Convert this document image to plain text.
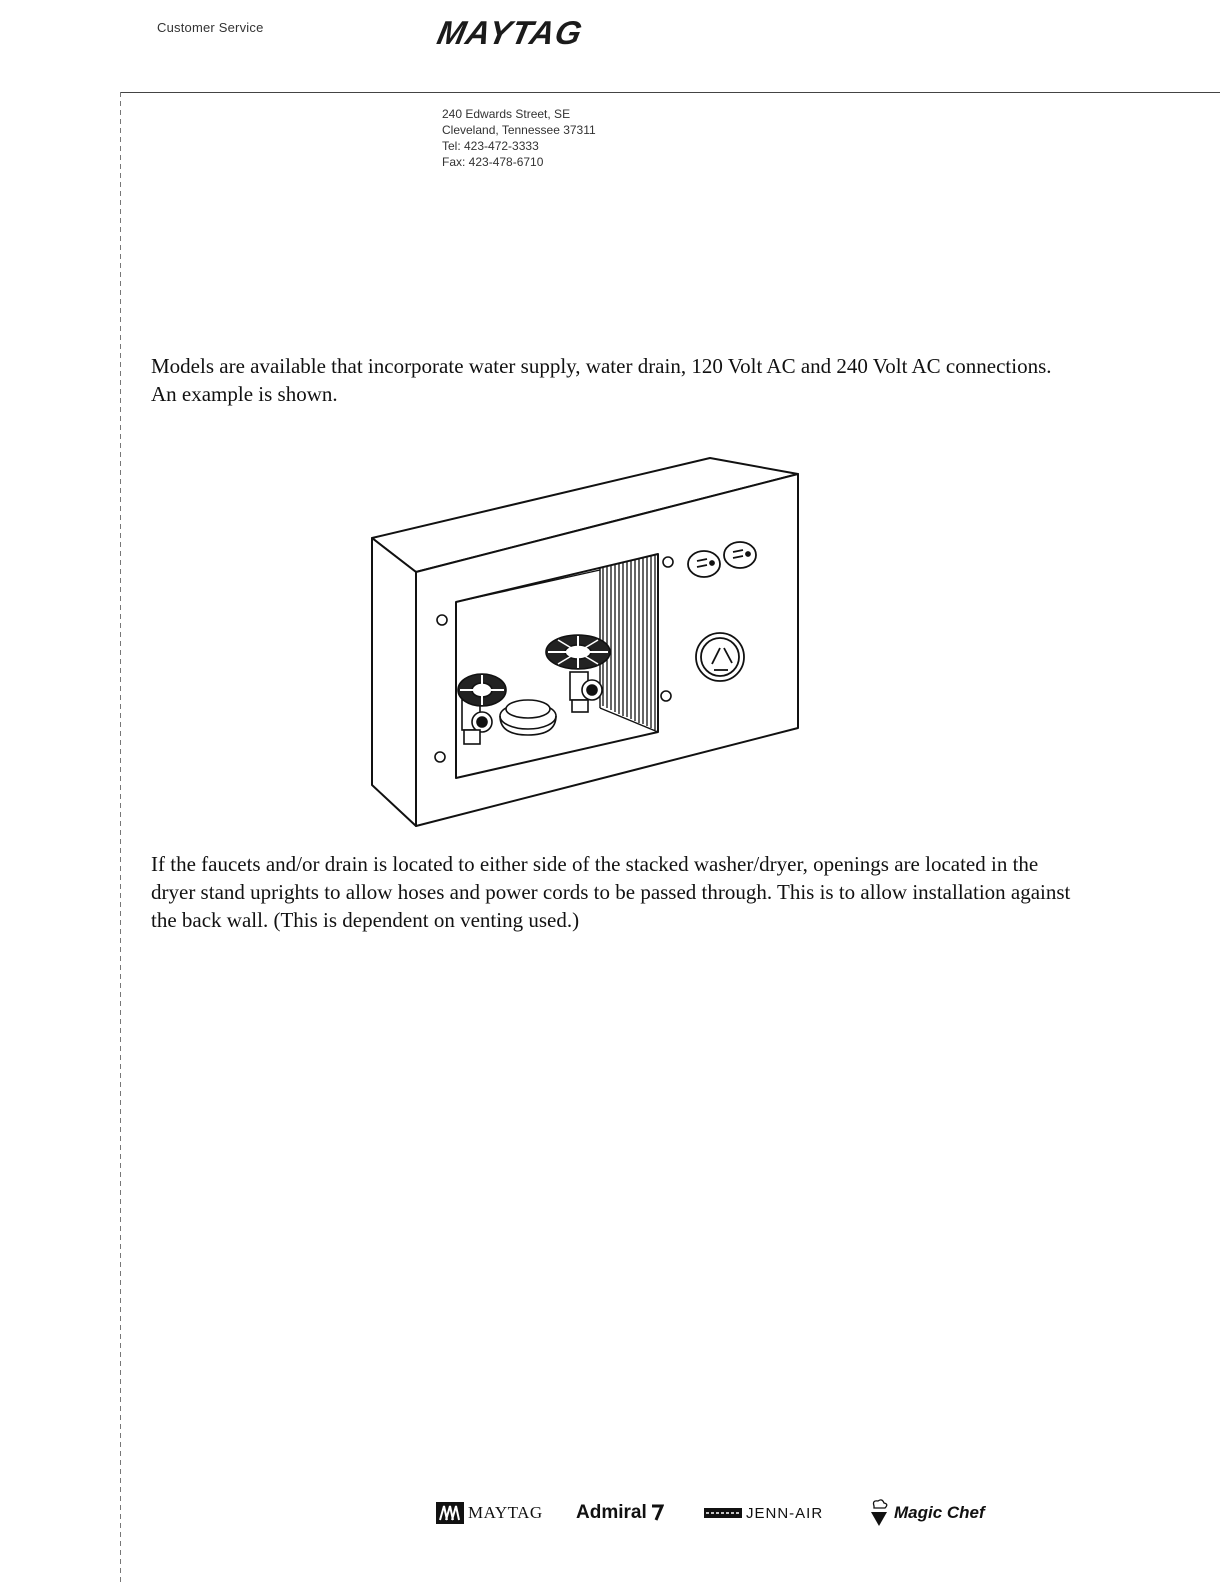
Customer Service	MAYTAG
240 Edwards Street, SE
Cleveland, Tennessee 37311
Tel: 423-472-3333
Fax: 423-478-6710
Models are available that incorporate water supply, water drain, 120 Volt AC and 240 Volt AC connections. An example is shown.
If the faucets and/or drain is located to either side of the stacked washer/dryer, openings are located in the dryer stand uprights to allow hoses and power cords to be passed through. This is to allow installation against the back wall. (This is dependent on venting used.)
MAYTAG Admiral	JENN-AIR	Magic Chef
